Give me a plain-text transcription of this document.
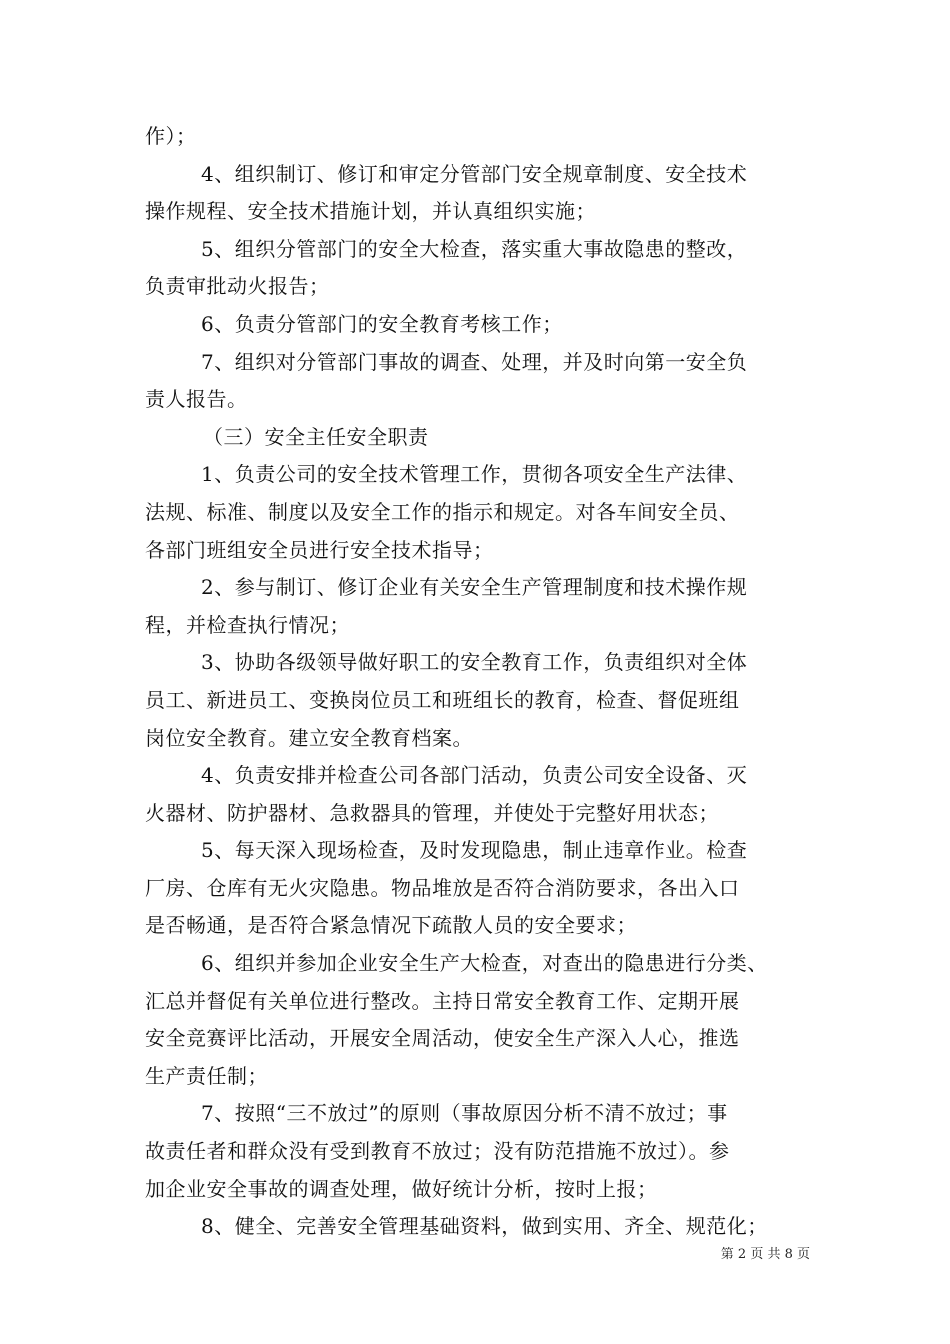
作）；
4、组织制订、修订和审定分管部门安全规章制度、安全技术
操作规程、安全技术措施计划，并认真组织实施；
5、组织分管部门的安全大检查，落实重大事故隐患的整改，
负责审批动火报告；
6、负责分管部门的安全教育考核工作；
7、组织对分管部门事故的调查、处理，并及时向第一安全负
责人报告。
（三）安全主任安全职责
1、负责公司的安全技术管理工作，贯彻各项安全生产法律、
法规、标准、制度以及安全工作的指示和规定。对各车间安全员、
各部门班组安全员进行安全技术指导；
2、参与制订、修订企业有关安全生产管理制度和技术操作规
程，并检查执行情况；
3、协助各级领导做好职工的安全教育工作，负责组织对全体
员工、新进员工、变换岗位员工和班组长的教育，检查、督促班组
岗位安全教育。建立安全教育档案。
4、负责安排并检查公司各部门活动，负责公司安全设备、灭
火器材、防护器材、急救器具的管理，并使处于完整好用状态；
5、每天深入现场检查，及时发现隐患，制止违章作业。检查
厂房、仓库有无火灾隐患。物品堆放是否符合消防要求，各出入口
是否畅通，是否符合紧急情况下疏散人员的安全要求；
6、组织并参加企业安全生产大检查，对查出的隐患进行分类、
汇总并督促有关单位进行整改。主持日常安全教育工作、定期开展
安全竞赛评比活动，开展安全周活动，使安全生产深入人心，推选
生产责任制；
7、按照“三不放过”的原则（事故原因分析不清不放过；事
故责任者和群众没有受到教育不放过；没有防范措施不放过）。参
加企业安全事故的调查处理，做好统计分析，按时上报；
8、健全、完善安全管理基础资料，做到实用、齐全、规范化；
第 2 页 共 8 页
